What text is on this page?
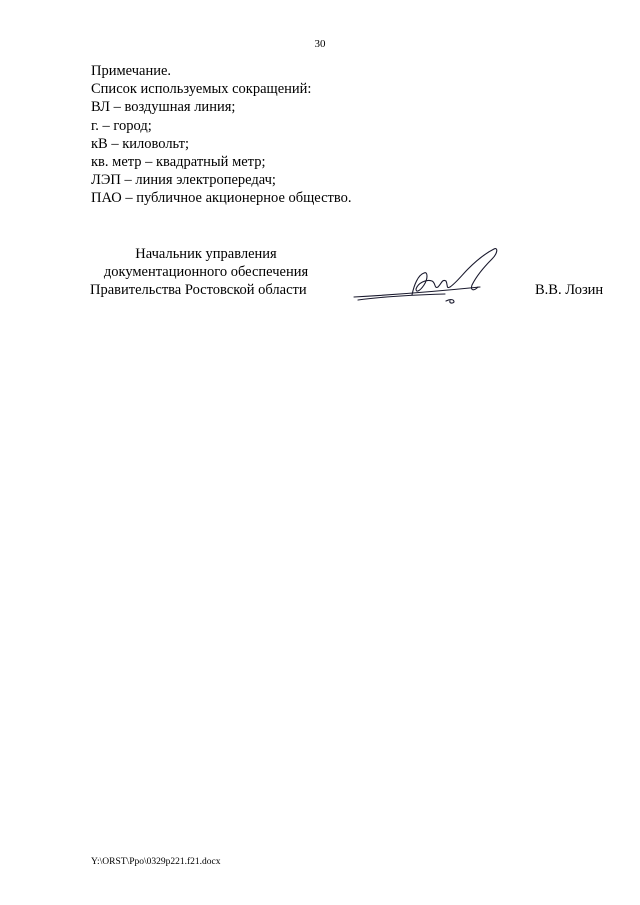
30
Примечание.
Список используемых сокращений:
ВЛ – воздушная линия;
г. – город;
кВ – киловольт;
кв. метр – квадратный метр;
ЛЭП – линия электропередач;
ПАО – публичное акционерное общество.
Начальник управления
документационного обеспечения
Правительства Ростовской области	В.В. Лозин
Y:\ORST\Ppo\0329p221.f21.docx
